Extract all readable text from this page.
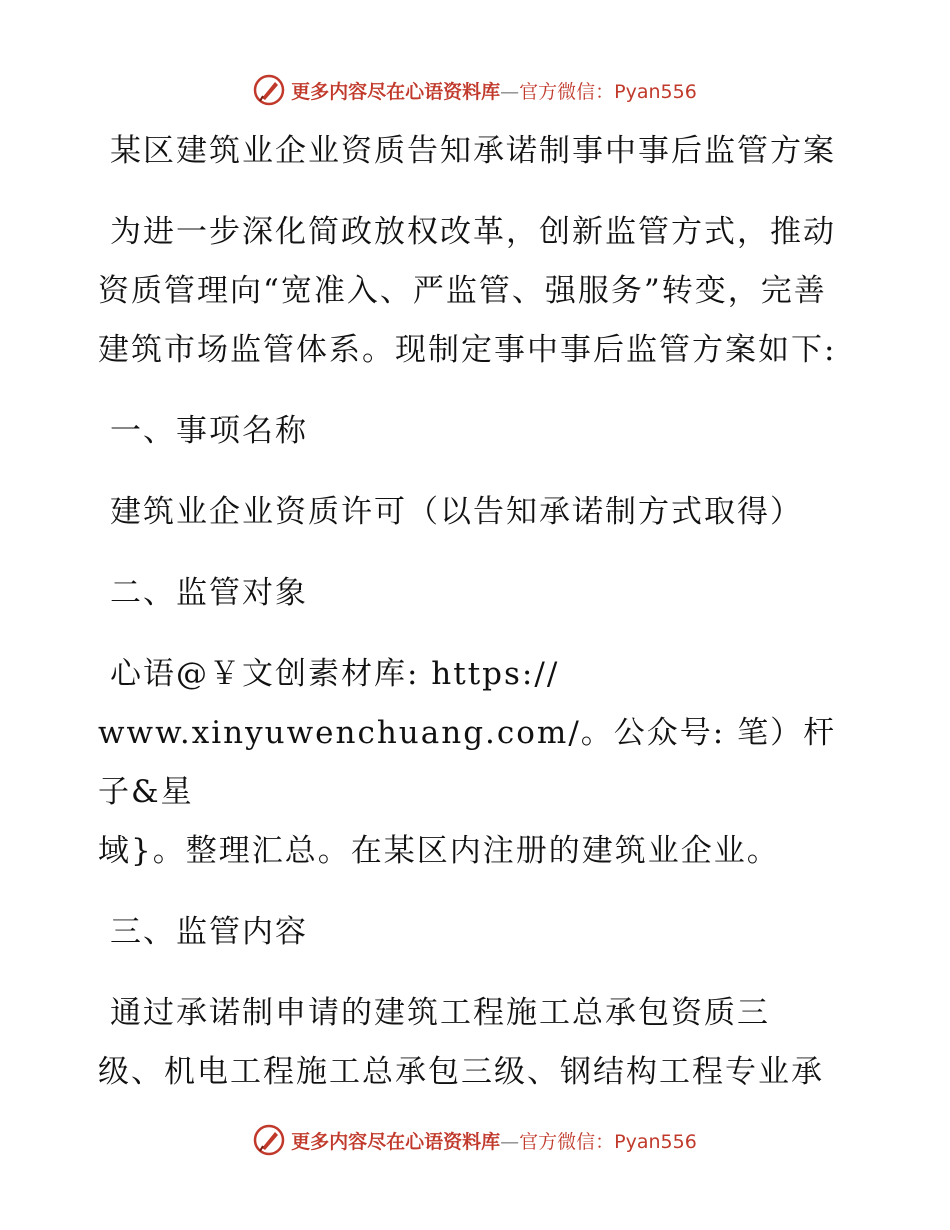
更多内容尽在心语资料库—官方微信：Pyan556

某区建筑业企业资质告知承诺制事中事后监管方案

为进一步深化简政放权改革，创新监管方式，推动资质管理向“宽准入、严监管、强服务”转变，完善建筑市场监管体系。现制定事中事后监管方案如下:

一、事项名称

建筑业企业资质许可（以告知承诺制方式取得）

二、监管对象

心语@￥文创素材库: https://

www.xinyuwenchuang.com/。公众号: 笔）杆子&星

域}。整理汇总。在某区内注册的建筑业企业。

三、监管内容

通过承诺制申请的建筑工程施工总承包资质三

级、机电工程施工总承包三级、钢结构工程专业承

更多内容尽在心语资料库—官方微信：Pyan556
